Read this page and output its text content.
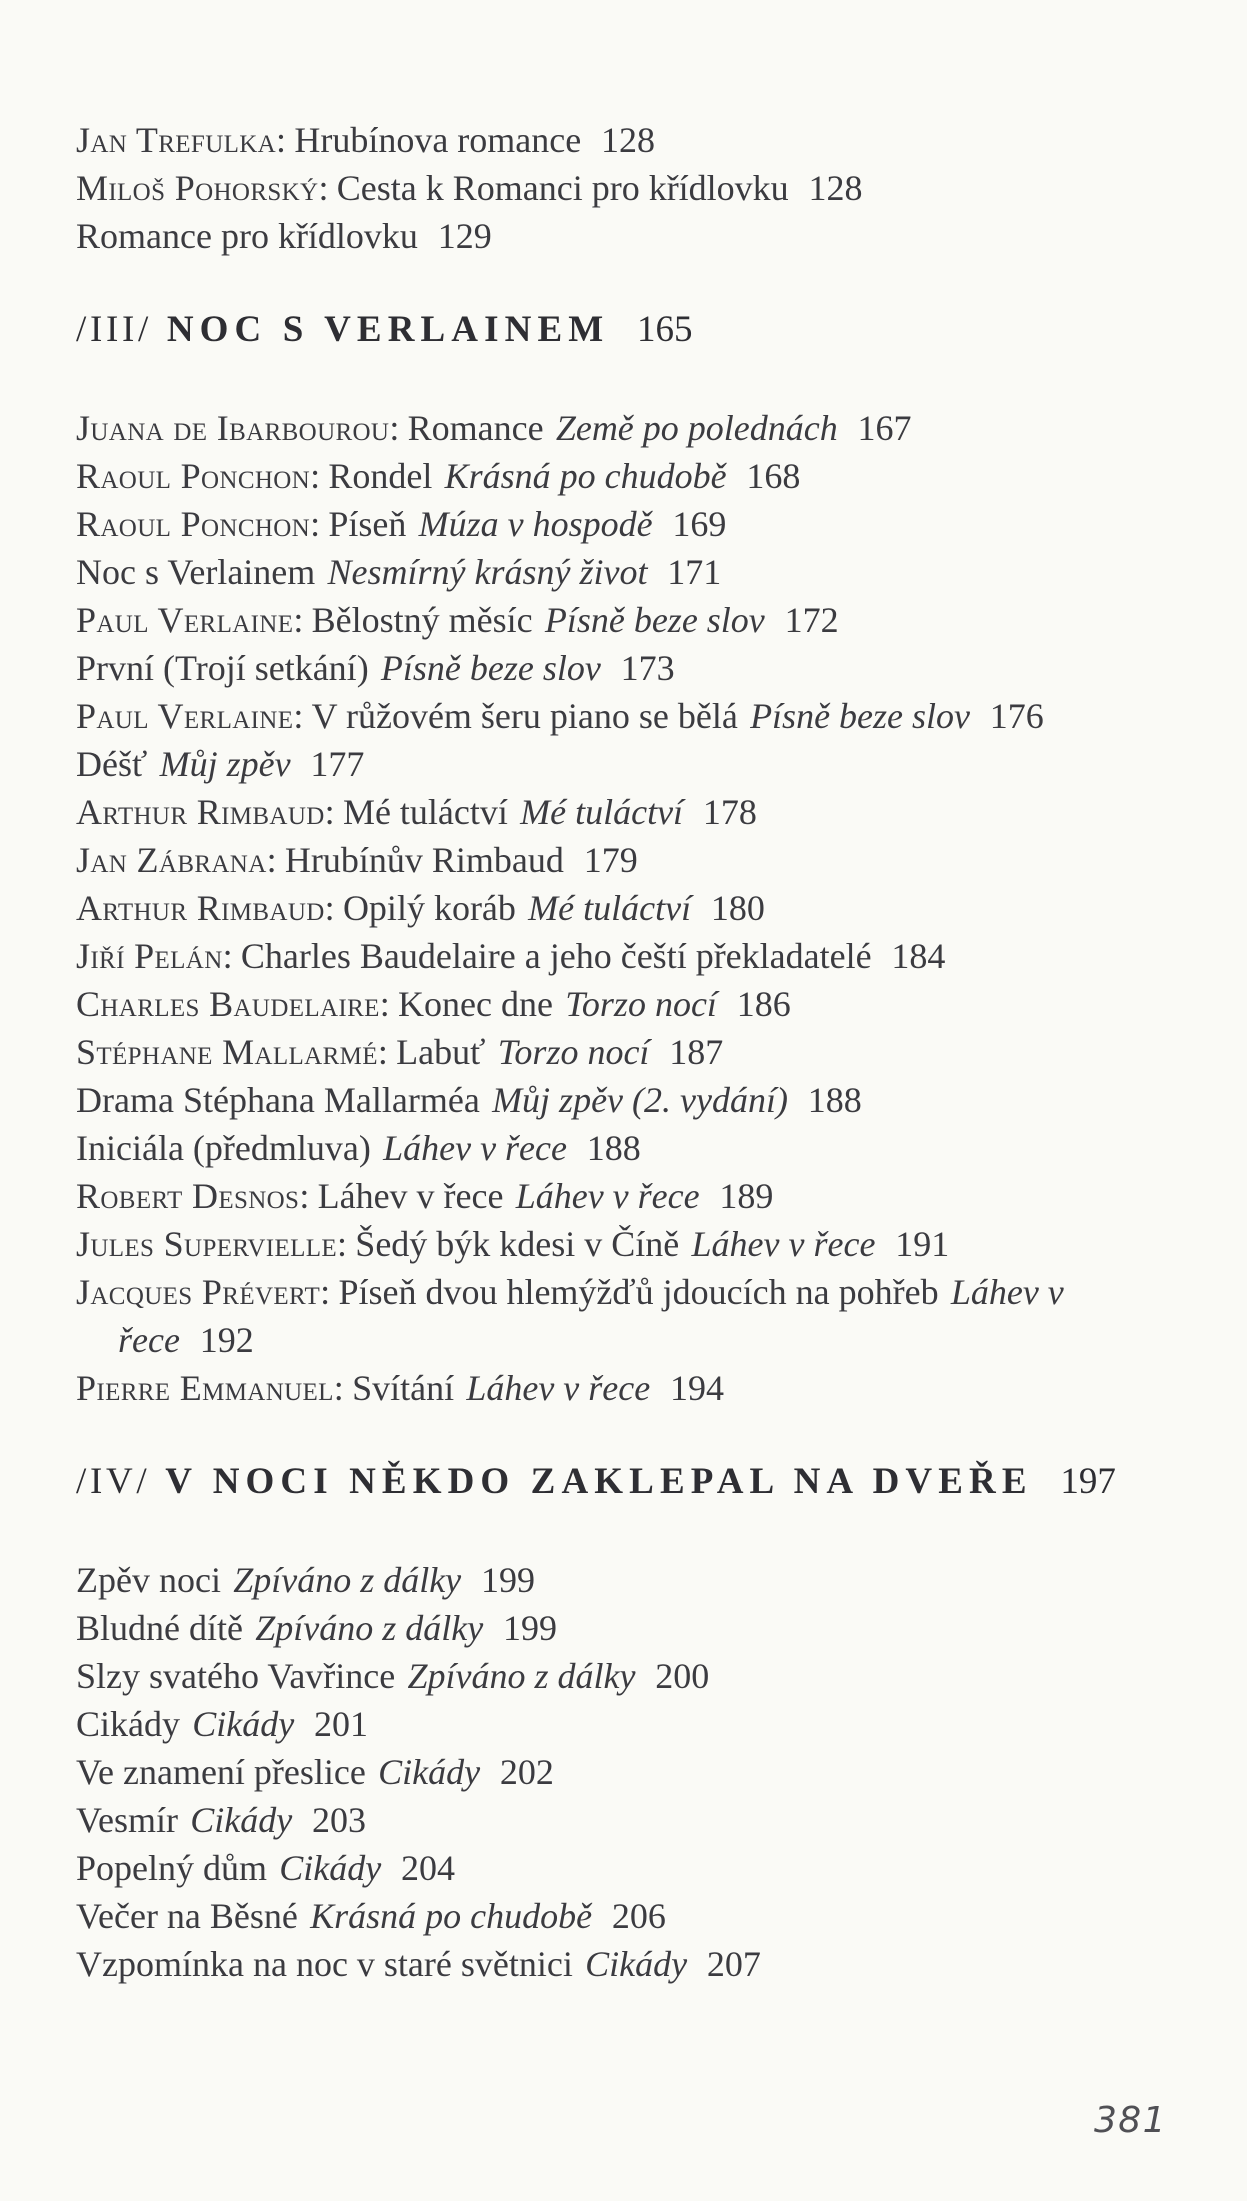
Jan Trefulka: Hrubínova romance 128
Miloš Pohorský: Cesta k Romanci pro křídlovku 128
Romance pro křídlovku 129
/III/ NOC S VERLAINEM 165
Juana de Ibarbourou: Romance Země po polednách 167
Raoul Ponchon: Rondel Krásná po chudobě 168
Raoul Ponchon: Píseň Múza v hospodě 169
Noc s Verlainem Nesmírný krásný život 171
Paul Verlaine: Bělostný měsíc Písně beze slov 172
První (Trojí setkání) Písně beze slov 173
Paul Verlaine: V růžovém šeru piano se bělá Písně beze slov 176
Déšť Můj zpěv 177
Arthur Rimbaud: Mé tuláctví Mé tuláctví 178
Jan Zábrana: Hrubínův Rimbaud 179
Arthur Rimbaud: Opilý koráb Mé tuláctví 180
Jiří Pelán: Charles Baudelaire a jeho čeští překladatelé 184
Charles Baudelaire: Konec dne Torzo nocí 186
Stéphane Mallarmé: Labuť Torzo nocí 187
Drama Stéphana Mallarméa Můj zpěv (2. vydání) 188
Iniciála (předmluva) Láhev v řece 188
Robert Desnos: Láhev v řece Láhev v řece 189
Jules Supervielle: Šedý býk kdesi v Číně Láhev v řece 191
Jacques Prévert: Píseň dvou hlemýžďů jdoucích na pohřeb Láhev v řece 192
Pierre Emmanuel: Svítání Láhev v řece 194
/IV/ V NOCI NĚKDO ZAKLEPAL NA DVEŘE 197
Zpěv noci Zpíváno z dálky 199
Bludné dítě Zpíváno z dálky 199
Slzy svatého Vavřince Zpíváno z dálky 200
Cikády Cikády 201
Ve znamení přeslice Cikády 202
Vesmír Cikády 203
Popelný dům Cikády 204
Večer na Běsné Krásná po chudobě 206
Vzpomínka na noc v staré světnici Cikády 207
381
